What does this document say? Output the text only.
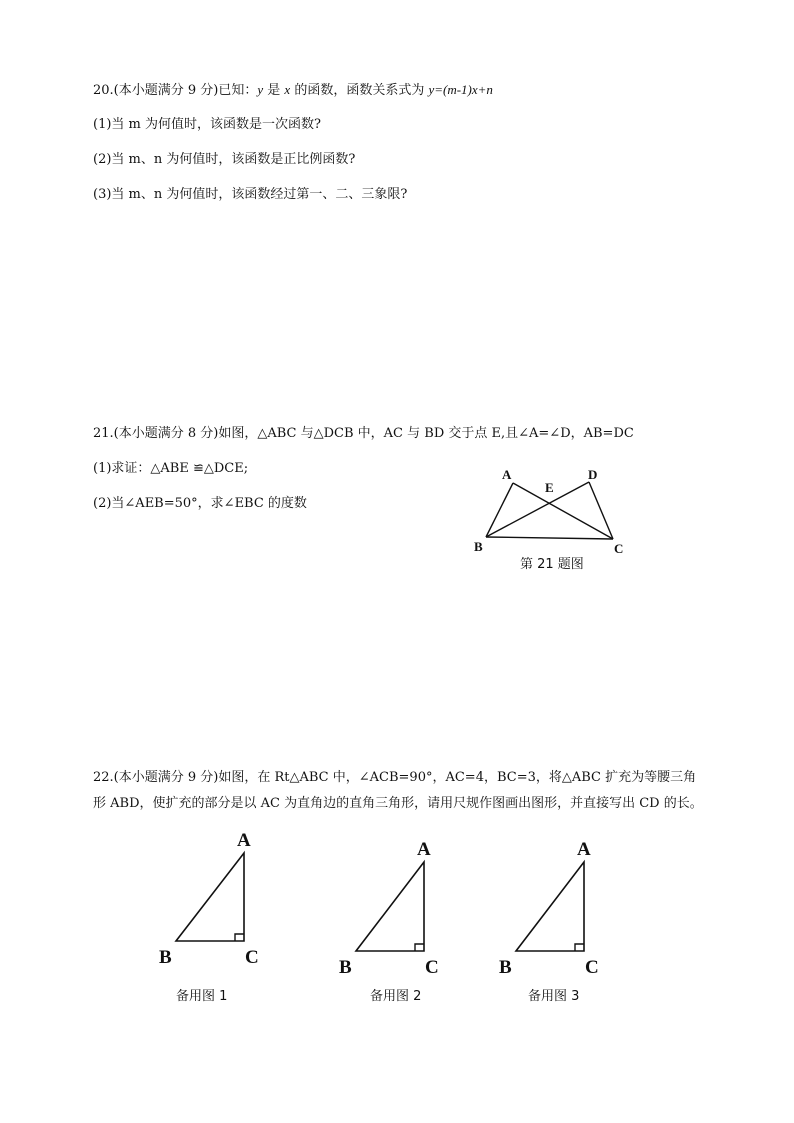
20.(本小题满分 9 分)已知：y 是 x 的函数，函数关系式为 y=(m-1)x+n
(1)当 m 为何值时，该函数是一次函数?
(2)当 m、n 为何值时，该函数是正比例函数?
(3)当 m、n 为何值时，该函数经过第一、二、三象限?
21.(本小题满分 8 分)如图，△ABC 与△DCB 中，AC 与 BD 交于点 E,且∠A=∠D，AB=DC
(1)求证：△ABE ≌△DCE;
(2)当∠AEB=50°，求∠EBC 的度数
A	D
E
B	C
第 21 题图
22.(本小题满分 9 分)如图，在 Rt△ABC 中，∠ACB=90°，AC=4，BC=3，将△ABC 扩充为等腰三角形 ABD，使扩充的部分是以 AC 为直角边的直角三角形，请用尺规作图画出图形，并直接写出 CD 的长。
A
B	C
A
B	C
A
B	C
备用图 1	备用图 2	备用图 3
